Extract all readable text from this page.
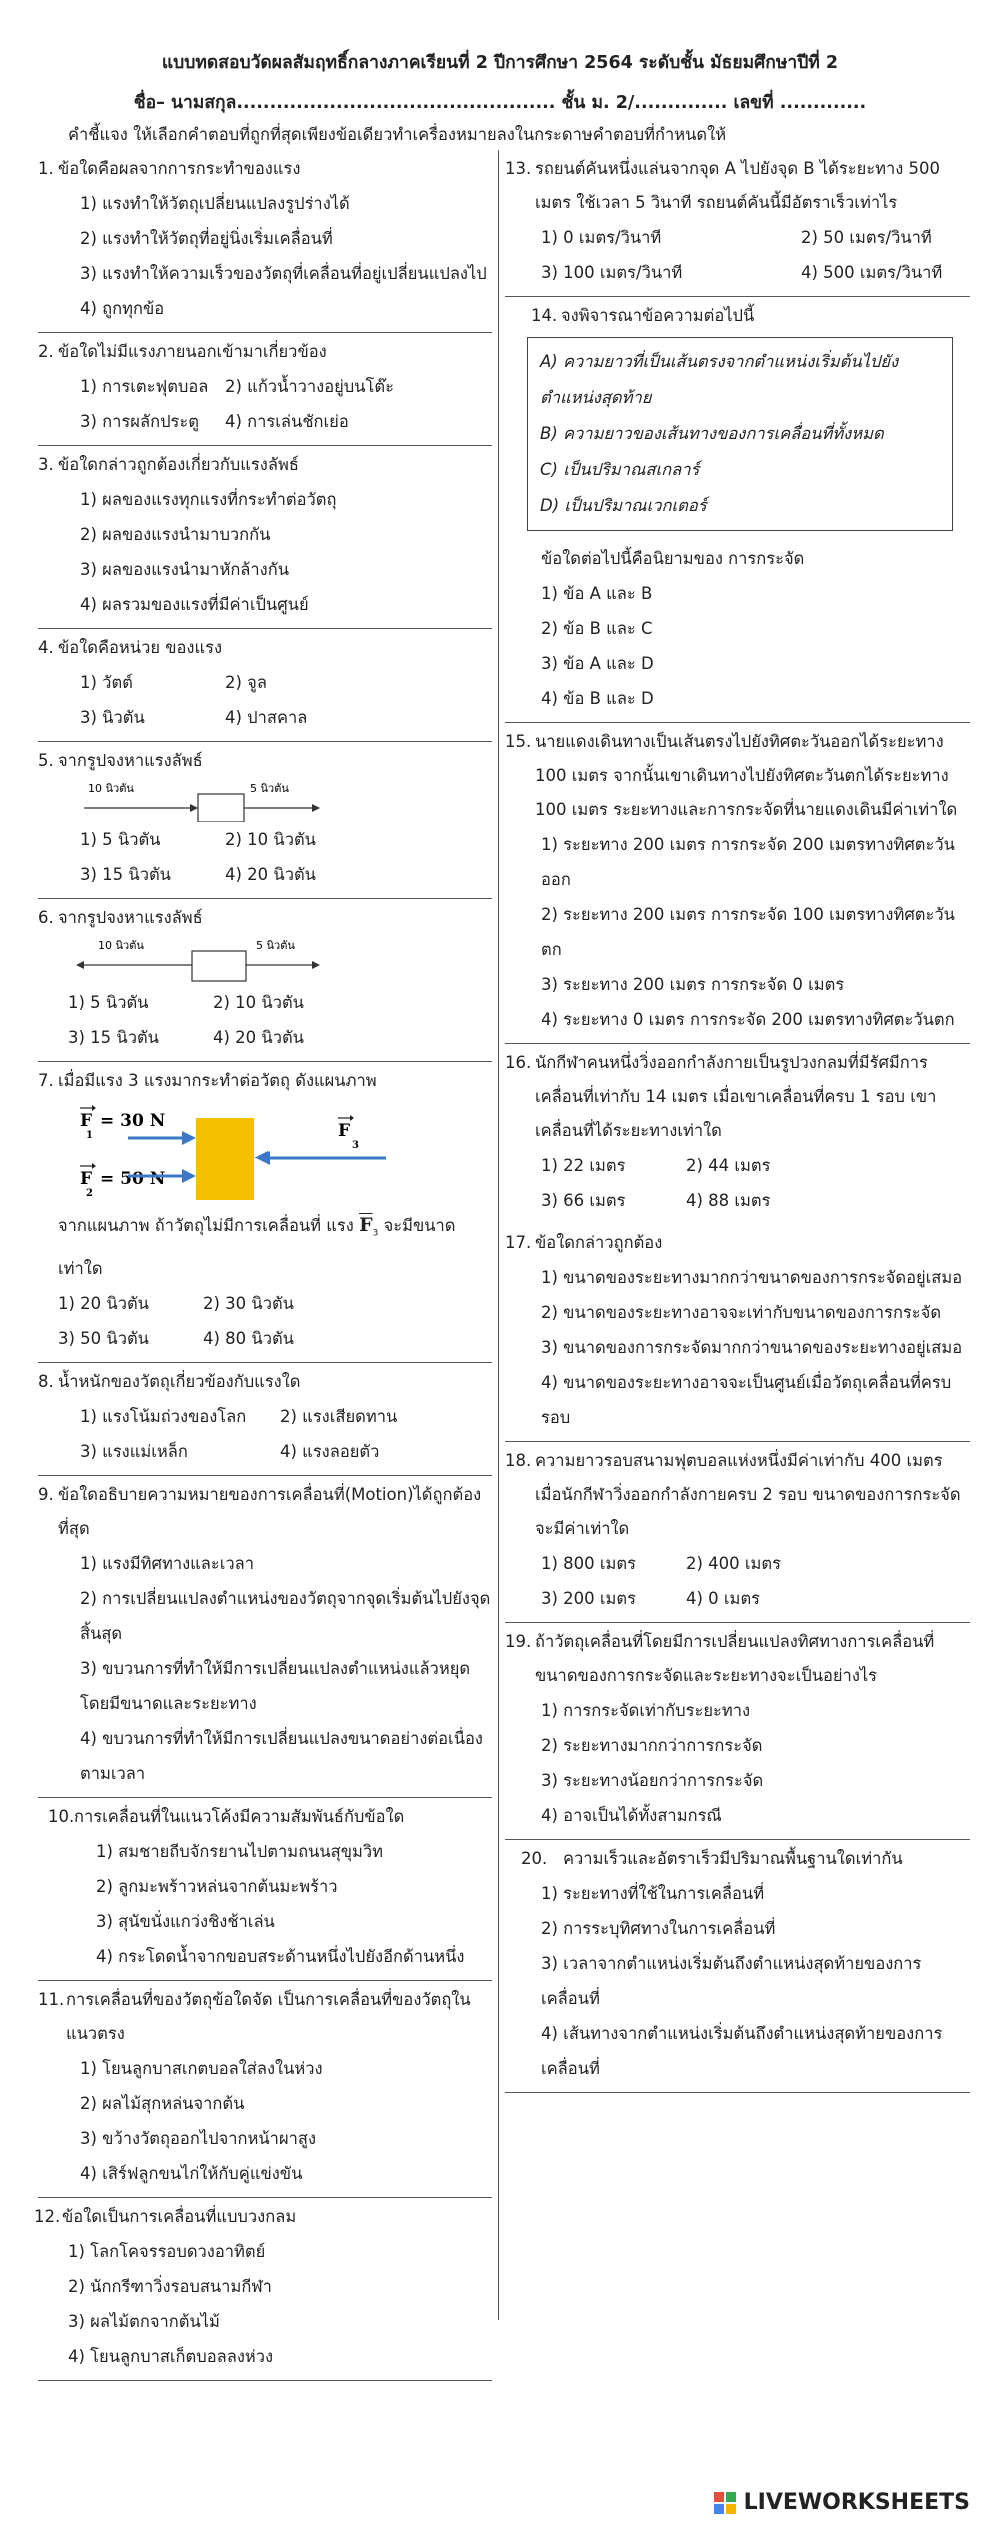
แบบทดสอบวัดผลสัมฤทธิ์กลางภาคเรียนที่ 2 ปีการศึกษา 2564 ระดับชั้น มัธยมศึกษาปีที่ 2
ชื่อ– นามสกุล................................................ ชั้น ม. 2/.............. เลขที่ .............
คำชี้แจง ให้เลือกคำตอบที่ถูกที่สุดเพียงข้อเดียวทำเครื่องหมายลงในกระดาษคำตอบที่กำหนดให้
1. ข้อใดคือผลจากการกระทำของแรง
1) แรงทำให้วัตถุเปลี่ยนแปลงรูปร่างได้
2) แรงทำให้วัตถุที่อยู่นิ่งเริ่มเคลื่อนที่
3) แรงทำให้ความเร็วของวัตถุที่เคลื่อนที่อยู่เปลี่ยนแปลงไป
4) ถูกทุกข้อ
2. ข้อใดไม่มีแรงภายนอกเข้ามาเกี่ยวข้อง
1) การเตะฟุตบอล	2) แก้วน้ำวางอยู่บนโต๊ะ
3) การผลักประตู	4) การเล่นชักเย่อ
3. ข้อใดกล่าวถูกต้องเกี่ยวกับแรงลัพธ์
1) ผลของแรงทุกแรงที่กระทำต่อวัตถุ
2) ผลของแรงนำมาบวกกัน
3) ผลของแรงนำมาหักล้างกัน
4) ผลรวมของแรงที่มีค่าเป็นศูนย์
4. ข้อใดคือหน่วย ของแรง
1) วัตต์	2) จูล
3) นิวตัน	4) ปาสคาล
5. จากรูปจงหาแรงลัพธ์
10 นิวตัน	5 นิวตัน
1) 5 นิวตัน	2) 10 นิวตัน
3) 15 นิวตัน	4) 20 นิวตัน
6. จากรูปจงหาแรงลัพธ์
10 นิวตัน	5 นิวตัน
1) 5 นิวตัน	2) 10 นิวตัน
3) 15 นิวตัน	4) 20 นิวตัน
7. เมื่อมีแรง 3 แรงมากระทำต่อวัตถุ ดังแผนภาพ
F
1
= 30 N
F
2
= 50 N
F
3
จากแผนภาพ ถ้าวัตถุไม่มีการเคลื่อนที่ แรง $\overline{F}_3$ จะมีขนาดเท่าใด
1) 20 นิวตัน	2) 30 นิวตัน
3) 50 นิวตัน	4) 80 นิวตัน
8. น้ำหนักของวัตถุเกี่ยวข้องกับแรงใด
1) แรงโน้มถ่วงของโลก	2) แรงเสียดทาน
3) แรงแม่เหล็ก	4) แรงลอยตัว
9. ข้อใดอธิบายความหมายของการเคลื่อนที่(Motion)ได้ถูกต้องที่สุด
1) แรงมีทิศทางและเวลา
2) การเปลี่ยนแปลงตำแหน่งของวัตถุจากจุดเริ่มต้นไปยังจุดสิ้นสุด
3) ขบวนการที่ทำให้มีการเปลี่ยนแปลงตำแหน่งแล้วหยุดโดยมีขนาดและระยะทาง
4) ขบวนการที่ทำให้มีการเปลี่ยนแปลงขนาดอย่างต่อเนื่องตามเวลา
10. การเคลื่อนที่ในแนวโค้งมีความสัมพันธ์กับข้อใด
1) สมชายถีบจักรยานไปตามถนนสุขุมวิท
2) ลูกมะพร้าวหล่นจากต้นมะพร้าว
3) สุนัขนั่งแกว่งชิงช้าเล่น
4) กระโดดน้ำจากขอบสระด้านหนึ่งไปยังอีกด้านหนึ่ง
11. การเคลื่อนที่ของวัตถุข้อใดจัด เป็นการเคลื่อนที่ของวัตถุในแนวตรง
1) โยนลูกบาสเกตบอลใส่ลงในห่วง
2) ผลไม้สุกหล่นจากต้น
3) ขว้างวัตถุออกไปจากหน้าผาสูง
4) เสิร์ฟลูกขนไก่ให้กับคู่แข่งขัน
12. ข้อใดเป็นการเคลื่อนที่แบบวงกลม
1) โลกโคจรรอบดวงอาทิตย์
2) นักกรีฑาวิ่งรอบสนามกีฬา
3) ผลไม้ตกจากต้นไม้
4) โยนลูกบาสเก็ตบอลลงห่วง
13. รถยนต์คันหนึ่งแล่นจากจุด A ไปยังจุด B ได้ระยะทาง 500 เมตร ใช้เวลา 5 วินาที รถยนต์คันนี้มีอัตราเร็วเท่าไร
1) 0 เมตร/วินาที	2) 50 เมตร/วินาที
3) 100 เมตร/วินาที	4) 500 เมตร/วินาที
14. จงพิจารณาข้อความต่อไปนี้
A) ความยาวที่เป็นเส้นตรงจากตำแหน่งเริ่มต้นไปยังตำแหน่งสุดท้าย
B) ความยาวของเส้นทางของการเคลื่อนที่ทั้งหมด
C) เป็นปริมาณสเกลาร์
D) เป็นปริมาณเวกเตอร์
ข้อใดต่อไปนี้คือนิยามของ การกระจัด
1) ข้อ A และ B
2) ข้อ B และ C
3) ข้อ A และ D
4) ข้อ B และ D
15. นายแดงเดินทางเป็นเส้นตรงไปยังทิศตะวันออกได้ระยะทาง 100 เมตร จากนั้นเขาเดินทางไปยังทิศตะวันตกได้ระยะทาง 100 เมตร ระยะทางและการกระจัดที่นายแดงเดินมีค่าเท่าใด
1) ระยะทาง 200 เมตร การกระจัด 200 เมตรทางทิศตะวันออก
2) ระยะทาง 200 เมตร การกระจัด 100 เมตรทางทิศตะวันตก
3) ระยะทาง 200 เมตร การกระจัด 0 เมตร
4) ระยะทาง 0 เมตร การกระจัด 200 เมตรทางทิศตะวันตก
16. นักกีฬาคนหนึ่งวิ่งออกกำลังกายเป็นรูปวงกลมที่มีรัศมีการเคลื่อนที่เท่ากับ 14 เมตร เมื่อเขาเคลื่อนที่ครบ 1 รอบ เขาเคลื่อนที่ได้ระยะทางเท่าใด
1) 22 เมตร	2) 44 เมตร
3) 66 เมตร	4) 88 เมตร
17. ข้อใดกล่าวถูกต้อง
1) ขนาดของระยะทางมากกว่าขนาดของการกระจัดอยู่เสมอ
2) ขนาดของระยะทางอาจจะเท่ากับขนาดของการกระจัด
3) ขนาดของการกระจัดมากกว่าขนาดของระยะทางอยู่เสมอ
4) ขนาดของระยะทางอาจจะเป็นศูนย์เมื่อวัตถุเคลื่อนที่ครบรอบ
18. ความยาวรอบสนามฟุตบอลแห่งหนึ่งมีค่าเท่ากับ 400 เมตร เมื่อนักกีฬาวิ่งออกกำลังกายครบ 2 รอบ ขนาดของการกระจัดจะมีค่าเท่าใด
1) 800 เมตร	2) 400 เมตร
3) 200 เมตร	4) 0 เมตร
19. ถ้าวัตถุเคลื่อนที่โดยมีการเปลี่ยนแปลงทิศทางการเคลื่อนที่ ขนาดของการกระจัดและระยะทางจะเป็นอย่างไร
1) การกระจัดเท่ากับระยะทาง
2) ระยะทางมากกว่าการกระจัด
3) ระยะทางน้อยกว่าการกระจัด
4) อาจเป็นได้ทั้งสามกรณี
20. ความเร็วและอัตราเร็วมีปริมาณพื้นฐานใดเท่ากัน
1) ระยะทางที่ใช้ในการเคลื่อนที่
2) การระบุทิศทางในการเคลื่อนที่
3) เวลาจากตำแหน่งเริ่มต้นถึงตำแหน่งสุดท้ายของการเคลื่อนที่
4) เส้นทางจากตำแหน่งเริ่มต้นถึงตำแหน่งสุดท้ายของการเคลื่อนที่
LIVEWORKSHEETS
